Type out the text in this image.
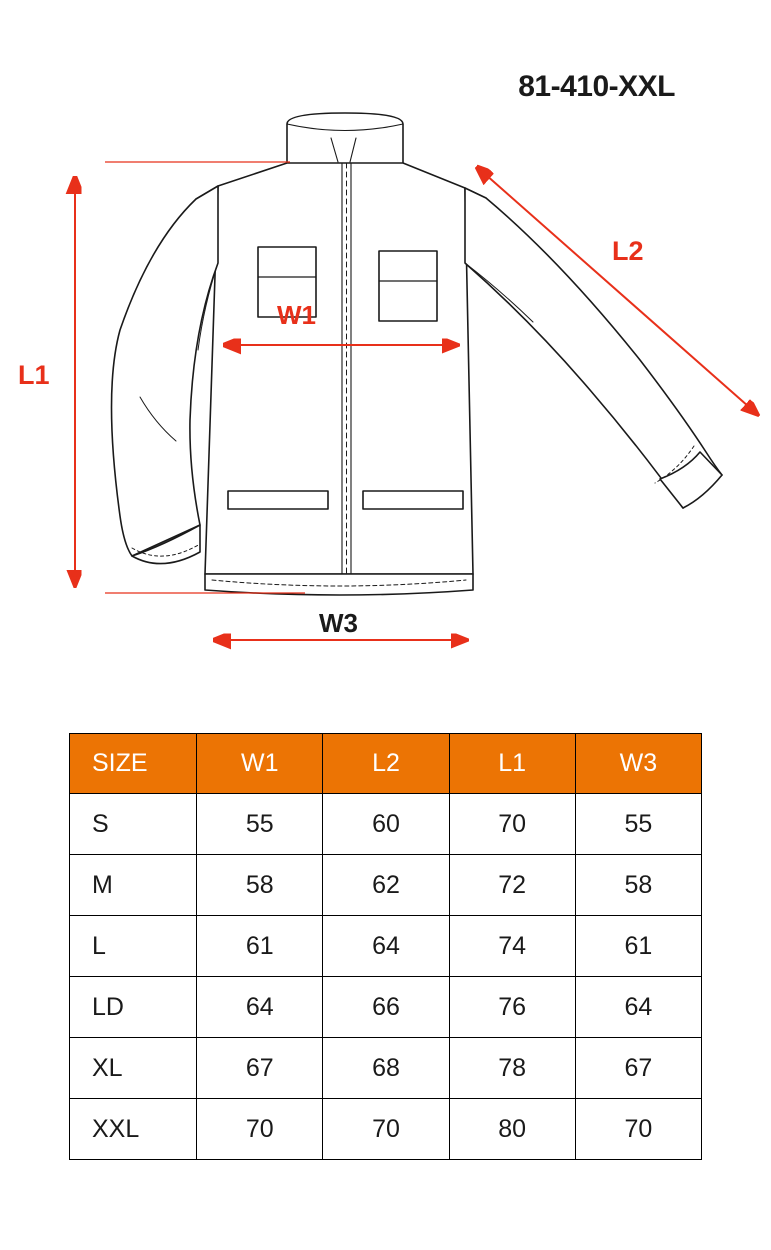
81-410-XXL
L1
L2
W1
W3
SIZE	W1	L2	L1	W3
S	55	60	70	55
M	58	62	72	58
L	61	64	74	61
LD	64	66	76	64
XL	67	68	78	67
XXL	70	70	80	70
